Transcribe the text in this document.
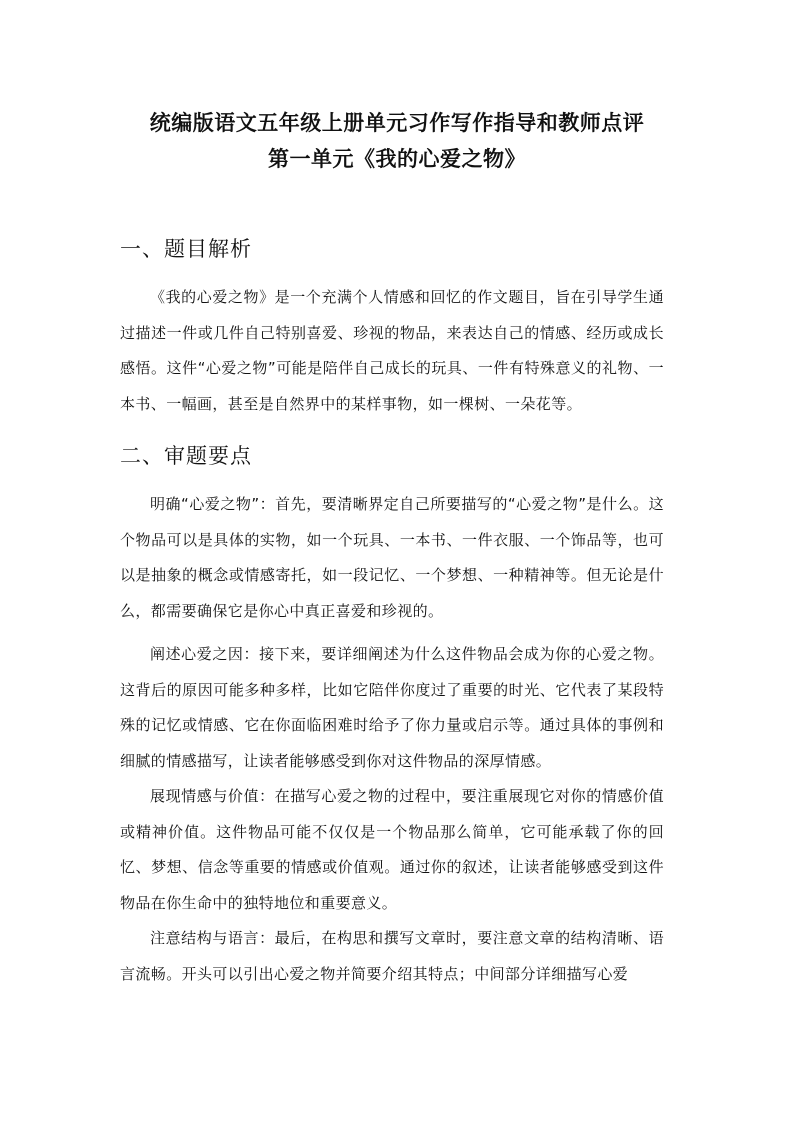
统编版语文五年级上册单元习作写作指导和教师点评
第一单元《我的心爱之物》
一、题目解析
《我的心爱之物》是一个充满个人情感和回忆的作文题目，旨在引导学生通过描述一件或几件自己特别喜爱、珍视的物品，来表达自己的情感、经历或成长感悟。这件“心爱之物”可能是陪伴自己成长的玩具、一件有特殊意义的礼物、一本书、一幅画，甚至是自然界中的某样事物，如一棵树、一朵花等。
二、审题要点
明确“心爱之物”：首先，要清晰界定自己所要描写的“心爱之物”是什么。这个物品可以是具体的实物，如一个玩具、一本书、一件衣服、一个饰品等，也可以是抽象的概念或情感寄托，如一段记忆、一个梦想、一种精神等。但无论是什么，都需要确保它是你心中真正喜爱和珍视的。
阐述心爱之因：接下来，要详细阐述为什么这件物品会成为你的心爱之物。这背后的原因可能多种多样，比如它陪伴你度过了重要的时光、它代表了某段特殊的记忆或情感、它在你面临困难时给予了你力量或启示等。通过具体的事例和细腻的情感描写，让读者能够感受到你对这件物品的深厚情感。
展现情感与价值：在描写心爱之物的过程中，要注重展现它对你的情感价值或精神价值。这件物品可能不仅仅是一个物品那么简单，它可能承载了你的回忆、梦想、信念等重要的情感或价值观。通过你的叙述，让读者能够感受到这件物品在你生命中的独特地位和重要意义。
注意结构与语言：最后，在构思和撰写文章时，要注意文章的结构清晰、语言流畅。开头可以引出心爱之物并简要介绍其特点；中间部分详细描写心爱
